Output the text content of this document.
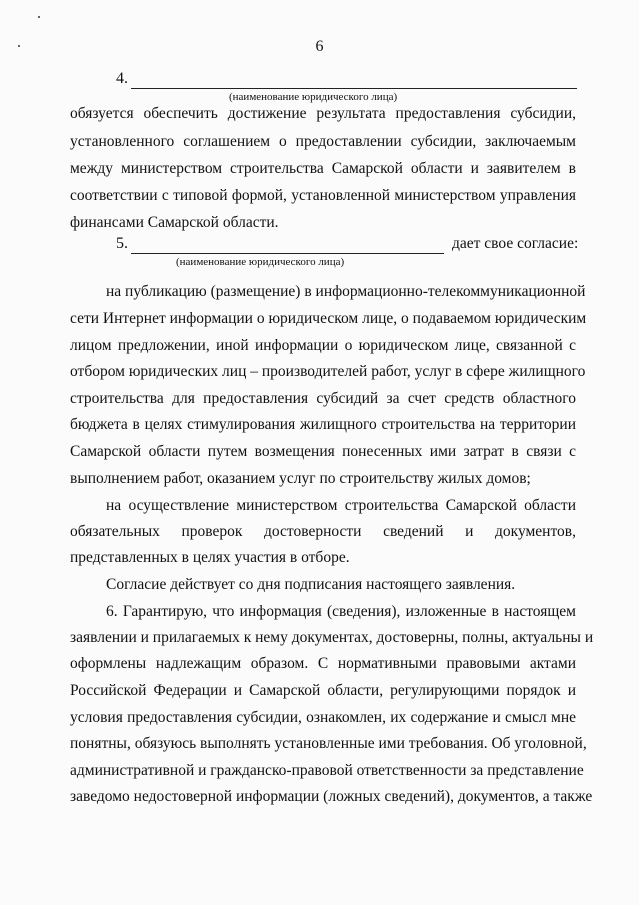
6
4.
(наименование юридического лица)
обязуется обеспечить достижение результата предоставления субсидии,
установленного соглашением о предоставлении субсидии, заключаемым
между министерством строительства Самарской области и заявителем в
соответствии с типовой формой, установленной министерством управления
финансами Самарской области.
5.	дает свое согласие:
(наименование юридического лица)
на публикацию (размещение) в информационно-телекоммуникационной
сети Интернет информации о юридическом лице, о подаваемом юридическим
лицом предложении, иной информации о юридическом лице, связанной с
отбором юридических лиц – производителей работ, услуг в сфере жилищного
строительства для предоставления субсидий за счет средств областного
бюджета в целях стимулирования жилищного строительства на территории
Самарской области путем возмещения понесенных ими затрат в связи с
выполнением работ, оказанием услуг по строительству жилых домов;
на осуществление министерством строительства Самарской области
обязательных проверок достоверности сведений и документов,
представленных в целях участия в отборе.
Согласие действует со дня подписания настоящего заявления.
6. Гарантирую, что информация (сведения), изложенные в настоящем
заявлении и прилагаемых к нему документах, достоверны, полны, актуальны и
оформлены надлежащим образом. С нормативными правовыми актами
Российской Федерации и Самарской области, регулирующими порядок и
условия предоставления субсидии, ознакомлен, их содержание и смысл мне
понятны, обязуюсь выполнять установленные ими требования. Об уголовной,
административной и гражданско-правовой ответственности за представление
заведомо недостоверной информации (ложных сведений), документов, а также
